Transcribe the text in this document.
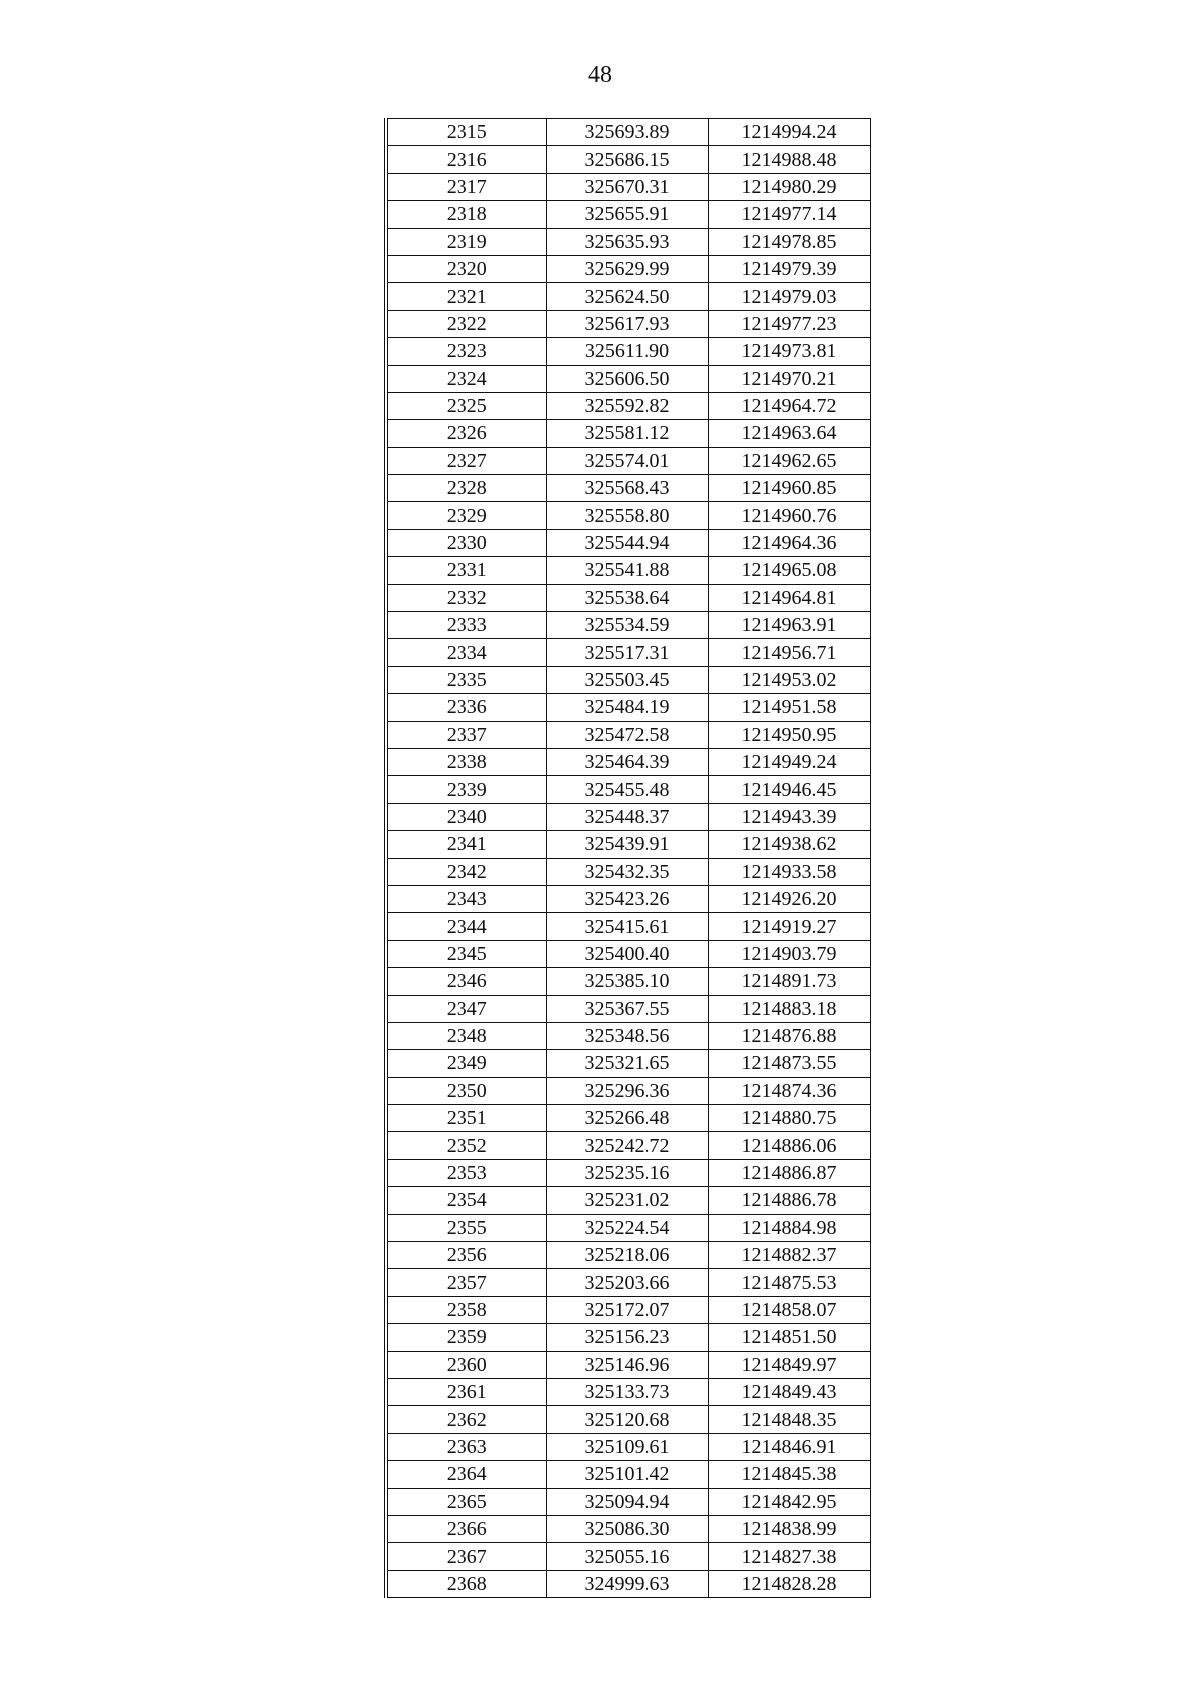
48
2315	325693.89	1214994.24
2316	325686.15	1214988.48
2317	325670.31	1214980.29
2318	325655.91	1214977.14
2319	325635.93	1214978.85
2320	325629.99	1214979.39
2321	325624.50	1214979.03
2322	325617.93	1214977.23
2323	325611.90	1214973.81
2324	325606.50	1214970.21
2325	325592.82	1214964.72
2326	325581.12	1214963.64
2327	325574.01	1214962.65
2328	325568.43	1214960.85
2329	325558.80	1214960.76
2330	325544.94	1214964.36
2331	325541.88	1214965.08
2332	325538.64	1214964.81
2333	325534.59	1214963.91
2334	325517.31	1214956.71
2335	325503.45	1214953.02
2336	325484.19	1214951.58
2337	325472.58	1214950.95
2338	325464.39	1214949.24
2339	325455.48	1214946.45
2340	325448.37	1214943.39
2341	325439.91	1214938.62
2342	325432.35	1214933.58
2343	325423.26	1214926.20
2344	325415.61	1214919.27
2345	325400.40	1214903.79
2346	325385.10	1214891.73
2347	325367.55	1214883.18
2348	325348.56	1214876.88
2349	325321.65	1214873.55
2350	325296.36	1214874.36
2351	325266.48	1214880.75
2352	325242.72	1214886.06
2353	325235.16	1214886.87
2354	325231.02	1214886.78
2355	325224.54	1214884.98
2356	325218.06	1214882.37
2357	325203.66	1214875.53
2358	325172.07	1214858.07
2359	325156.23	1214851.50
2360	325146.96	1214849.97
2361	325133.73	1214849.43
2362	325120.68	1214848.35
2363	325109.61	1214846.91
2364	325101.42	1214845.38
2365	325094.94	1214842.95
2366	325086.30	1214838.99
2367	325055.16	1214827.38
2368	324999.63	1214828.28
